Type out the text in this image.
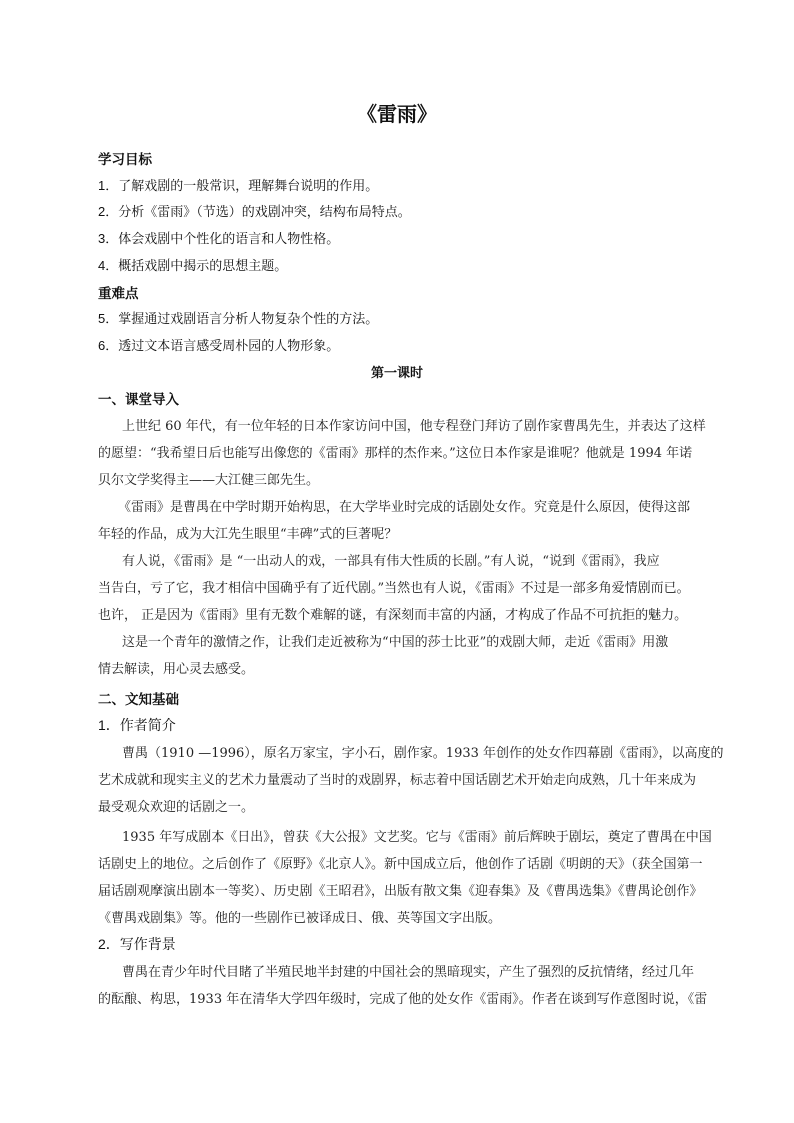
《雷雨》
学习目标
1．了解戏剧的一般常识，理解舞台说明的作用。
2．分析《雷雨》（节选）的戏剧冲突，结构布局特点。
3．体会戏剧中个性化的语言和人物性格。
4．概括戏剧中揭示的思想主题。
重难点
5．掌握通过戏剧语言分析人物复杂个性的方法。
6．透过文本语言感受周朴园的人物形象。
第一课时
一、课堂导入
上世纪 60 年代，有一位年轻的日本作家访问中国，他专程登门拜访了剧作家曹禺先生，并表达了这样
的愿望：“我希望日后也能写出像您的《雷雨》那样的杰作来。”这位日本作家是谁呢？他就是 1994 年诺
贝尔文学奖得主——大江健三郎先生。
《雷雨》是曹禺在中学时期开始构思，在大学毕业时完成的话剧处女作。究竟是什么原因，使得这部
年轻的作品，成为大江先生眼里“丰碑”式的巨著呢？
有人说，《雷雨》是 “一出动人的戏，一部具有伟大性质的长剧。”有人说，“说到《雷雨》，我应
当告白，亏了它，我才相信中国确乎有了近代剧。”当然也有人说，《雷雨》不过是一部多角爱情剧而已。
也许， 正是因为《雷雨》里有无数个难解的谜，有深刻而丰富的内涵，才构成了作品不可抗拒的魅力。
这是一个青年的激情之作，让我们走近被称为“中国的莎士比亚”的戏剧大师，走近《雷雨》用激
情去解读，用心灵去感受。
二、文知基础
1．作者简介
曹禺（1910 —1996），原名万家宝，字小石，剧作家。1933 年创作的处女作四幕剧《雷雨》，以高度的
艺术成就和现实主义的艺术力量震动了当时的戏剧界，标志着中国话剧艺术开始走向成熟，几十年来成为
最受观众欢迎的话剧之一。
1935 年写成剧本《日出》，曾获《大公报》文艺奖。它与《雷雨》前后辉映于剧坛，奠定了曹禺在中国
话剧史上的地位。之后创作了《原野》《北京人》。新中国成立后，他创作了话剧《明朗的天》（获全国第一
届话剧观摩演出剧本一等奖）、历史剧《王昭君》，出版有散文集《迎春集》及《曹禺选集》《曹禺论创作》
《曹禺戏剧集》等。他的一些剧作已被译成日、俄、英等国文字出版。
2．写作背景
曹禺在青少年时代目睹了半殖民地半封建的中国社会的黑暗现实，产生了强烈的反抗情绪，经过几年
的酝酿、构思，1933 年在清华大学四年级时，完成了他的处女作《雷雨》。作者在谈到写作意图时说，《雷
